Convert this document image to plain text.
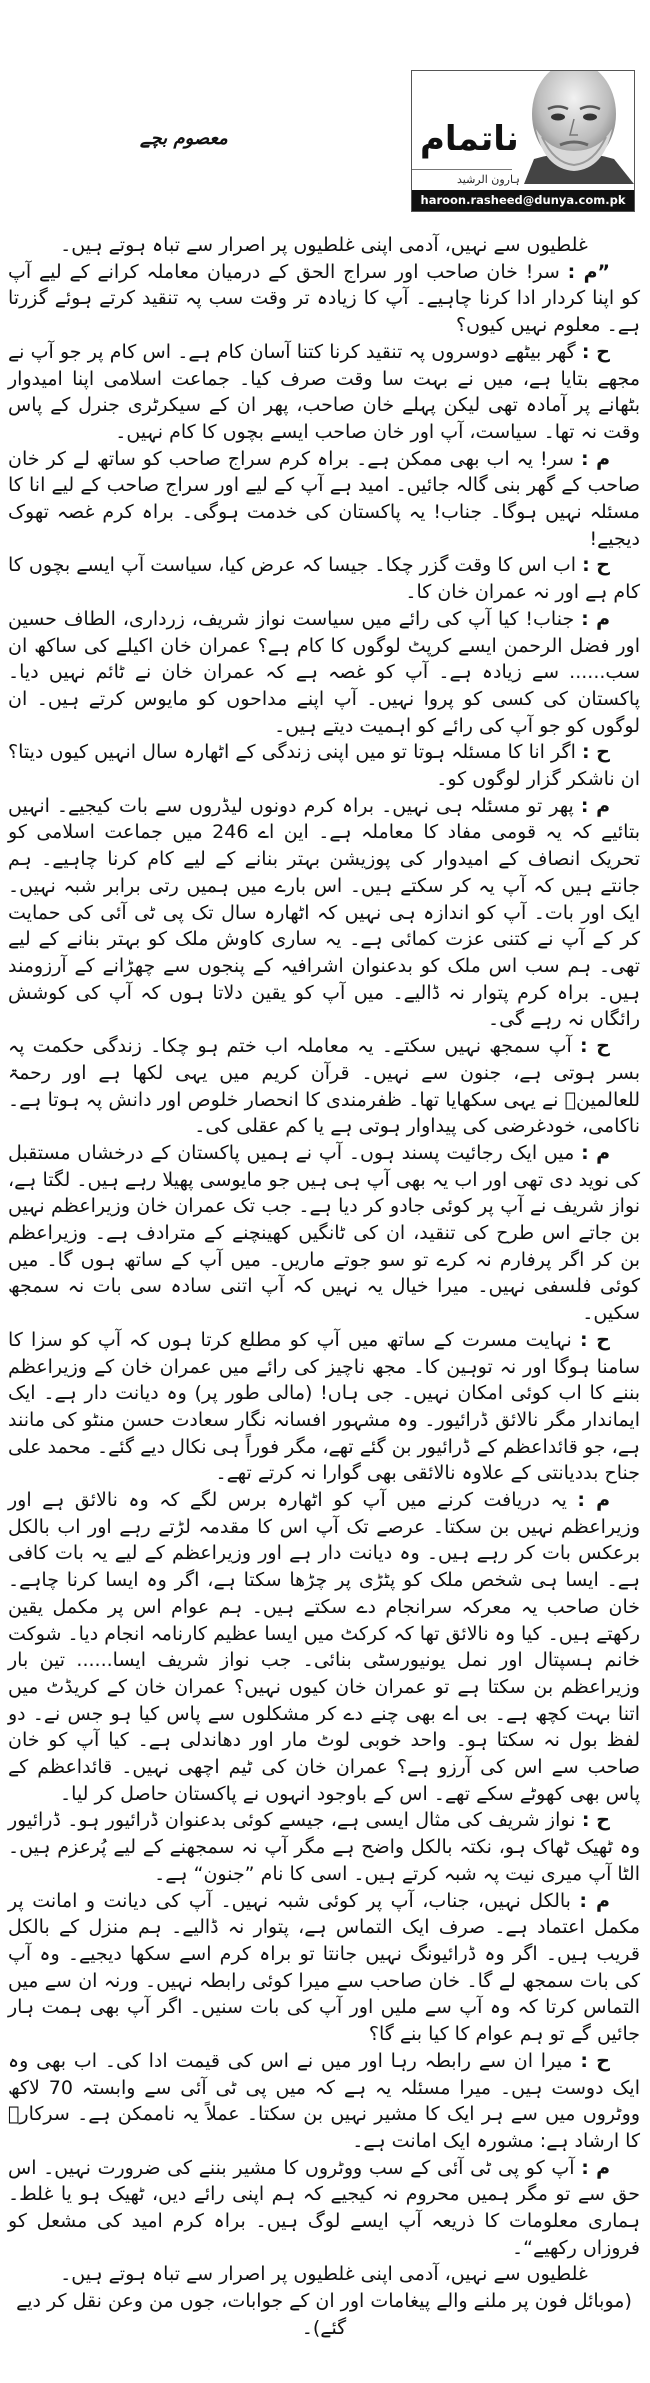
ناتمام
ہارون الرشید
haroon.rasheed@dunya.com.pk
معصوم بچے

غلطیوں سے نہیں، آدمی اپنی غلطیوں پر اصرار سے تباہ ہوتے ہیں۔

”م : سر! خان صاحب اور سراج الحق کے درمیان معاملہ کرانے کے لیے آپ کو اپنا کردار ادا کرنا چاہیے۔ آپ کا زیادہ تر وقت سب پہ تنقید کرتے ہوئے گزرتا ہے۔ معلوم نہیں کیوں؟

ح : گھر بیٹھے دوسروں پہ تنقید کرنا کتنا آسان کام ہے۔ اس کام پر جو آپ نے مجھے بتایا ہے، میں نے بہت سا وقت صرف کیا۔ جماعت اسلامی اپنا امیدوار بٹھانے پر آمادہ تھی لیکن پہلے خان صاحب، پھر ان کے سیکرٹری جنرل کے پاس وقت نہ تھا۔ سیاست، آپ اور خان صاحب ایسے بچوں کا کام نہیں۔

م : سر! یہ اب بھی ممکن ہے۔ براہ کرم سراج صاحب کو ساتھ لے کر خان صاحب کے گھر بنی گالہ جائیں۔ امید ہے آپ کے لیے اور سراج صاحب کے لیے انا کا مسئلہ نہیں ہوگا۔ جناب! یہ پاکستان کی خدمت ہوگی۔ براہ کرم غصہ تھوک دیجیے!

ح : اب اس کا وقت گزر چکا۔ جیسا کہ عرض کیا، سیاست آپ ایسے بچوں کا کام ہے اور نہ عمران خان کا۔

م : جناب! کیا آپ کی رائے میں سیاست نواز شریف، زرداری، الطاف حسین اور فضل الرحمن ایسے کرپٹ لوگوں کا کام ہے؟ عمران خان اکیلے کی ساکھ ان سب...... سے زیادہ ہے۔ آپ کو غصہ ہے کہ عمران خان نے ٹائم نہیں دیا۔ پاکستان کی کسی کو پروا نہیں۔ آپ اپنے مداحوں کو مایوس کرتے ہیں۔ ان لوگوں کو جو آپ کی رائے کو اہمیت دیتے ہیں۔

ح : اگر انا کا مسئلہ ہوتا تو میں اپنی زندگی کے اٹھارہ سال انہیں کیوں دیتا؟ ان ناشکر گزار لوگوں کو۔

م : پھر تو مسئلہ ہی نہیں۔ براہ کرم دونوں لیڈروں سے بات کیجیے۔ انہیں بتائیے کہ یہ قومی مفاد کا معاملہ ہے۔ این اے 246 میں جماعت اسلامی کو تحریک انصاف کے امیدوار کی پوزیشن بہتر بنانے کے لیے کام کرنا چاہیے۔ ہم جانتے ہیں کہ آپ یہ کر سکتے ہیں۔ اس بارے میں ہمیں رتی برابر شبہ نہیں۔ ایک اور بات۔ آپ کو اندازہ ہی نہیں کہ اٹھارہ سال تک پی ٹی آئی کی حمایت کر کے آپ نے کتنی عزت کمائی ہے۔ یہ ساری کاوش ملک کو بہتر بنانے کے لیے تھی۔ ہم سب اس ملک کو بدعنوان اشرافیہ کے پنجوں سے چھڑانے کے آرزومند ہیں۔ براہ کرم پتوار نہ ڈالیے۔ میں آپ کو یقین دلاتا ہوں کہ آپ کی کوشش رائگاں نہ رہے گی۔

ح : آپ سمجھ نہیں سکتے۔ یہ معاملہ اب ختم ہو چکا۔ زندگی حکمت پہ بسر ہوتی ہے، جنون سے نہیں۔ قرآن کریم میں یہی لکھا ہے اور رحمۃ للعالمینؐ نے یہی سکھایا تھا۔ ظفرمندی کا انحصار خلوص اور دانش پہ ہوتا ہے۔ ناکامی، خودغرضی کی پیداوار ہوتی ہے یا کم عقلی کی۔

م : میں ایک رجائیت پسند ہوں۔ آپ نے ہمیں پاکستان کے درخشاں مستقبل کی نوید دی تھی اور اب یہ بھی آپ ہی ہیں جو مایوسی پھیلا رہے ہیں۔ لگتا ہے، نواز شریف نے آپ پر کوئی جادو کر دیا ہے۔ جب تک عمران خان وزیراعظم نہیں بن جاتے اس طرح کی تنقید، ان کی ٹانگیں کھینچنے کے مترادف ہے۔ وزیراعظم بن کر اگر پرفارم نہ کرے تو سو جوتے ماریں۔ میں آپ کے ساتھ ہوں گا۔ میں کوئی فلسفی نہیں۔ میرا خیال یہ نہیں کہ آپ اتنی سادہ سی بات نہ سمجھ سکیں۔

ح : نہایت مسرت کے ساتھ میں آپ کو مطلع کرتا ہوں کہ آپ کو سزا کا سامنا ہوگا اور نہ توہین کا۔ مجھ ناچیز کی رائے میں عمران خان کے وزیراعظم بننے کا اب کوئی امکان نہیں۔ جی ہاں! (مالی طور پر) وہ دیانت دار ہے۔ ایک ایماندار مگر نالائق ڈرائیور۔ وہ مشہور افسانہ نگار سعادت حسن منٹو کی مانند ہے، جو قائداعظم کے ڈرائیور بن گئے تھے، مگر فوراً ہی نکال دیے گئے۔ محمد علی جناح بددیانتی کے علاوہ نالائقی بھی گوارا نہ کرتے تھے۔

م : یہ دریافت کرنے میں آپ کو اٹھارہ برس لگے کہ وہ نالائق ہے اور وزیراعظم نہیں بن سکتا۔ عرصے تک آپ اس کا مقدمہ لڑتے رہے اور اب بالکل برعکس بات کر رہے ہیں۔ وہ دیانت دار ہے اور وزیراعظم کے لیے یہ بات کافی ہے۔ ایسا ہی شخص ملک کو پٹڑی پر چڑھا سکتا ہے، اگر وہ ایسا کرنا چاہے۔ خان صاحب یہ معرکہ سرانجام دے سکتے ہیں۔ ہم عوام اس پر مکمل یقین رکھتے ہیں۔ کیا وہ نالائق تھا کہ کرکٹ میں ایسا عظیم کارنامہ انجام دیا۔ شوکت خانم ہسپتال اور نمل یونیورسٹی بنائی۔ جب نواز شریف ایسا...... تین بار وزیراعظم بن سکتا ہے تو عمران خان کیوں نہیں؟ عمران خان کے کریڈٹ میں اتنا بہت کچھ ہے۔ بی اے بھی چنے دے کر مشکلوں سے پاس کیا ہو جس نے۔ دو لفظ بول نہ سکتا ہو۔ واحد خوبی لوٹ مار اور دھاندلی ہے۔ کیا آپ کو خان صاحب سے اس کی آرزو ہے؟ عمران خان کی ٹیم اچھی نہیں۔ قائداعظم کے پاس بھی کھوٹے سکے تھے۔ اس کے باوجود انہوں نے پاکستان حاصل کر لیا۔

ح : نواز شریف کی مثال ایسی ہے، جیسے کوئی بدعنوان ڈرائیور ہو۔ ڈرائیور وہ ٹھیک ٹھاک ہو، نکتہ بالکل واضح ہے مگر آپ نہ سمجھنے کے لیے پُرعزم ہیں۔ الٹا آپ میری نیت پہ شبہ کرتے ہیں۔ اسی کا نام ”جنون“ ہے۔

م : بالکل نہیں، جناب، آپ پر کوئی شبہ نہیں۔ آپ کی دیانت و امانت پر مکمل اعتماد ہے۔ صرف ایک التماس ہے، پتوار نہ ڈالیے۔ ہم منزل کے بالکل قریب ہیں۔ اگر وہ ڈرائیونگ نہیں جانتا تو براہ کرم اسے سکھا دیجیے۔ وہ آپ کی بات سمجھ لے گا۔ خان صاحب سے میرا کوئی رابطہ نہیں۔ ورنہ ان سے میں التماس کرتا کہ وہ آپ سے ملیں اور آپ کی بات سنیں۔ اگر آپ بھی ہمت ہار جائیں گے تو ہم عوام کا کیا بنے گا؟

ح : میرا ان سے رابطہ رہا اور میں نے اس کی قیمت ادا کی۔ اب بھی وہ ایک دوست ہیں۔ میرا مسئلہ یہ ہے کہ میں پی ٹی آئی سے وابستہ 70 لاکھ ووٹروں میں سے ہر ایک کا مشیر نہیں بن سکتا۔ عملاً یہ ناممکن ہے۔ سرکارؐ کا ارشاد ہے: مشورہ ایک امانت ہے۔

م : آپ کو پی ٹی آئی کے سب ووٹروں کا مشیر بننے کی ضرورت نہیں۔ اس حق سے تو مگر ہمیں محروم نہ کیجیے کہ ہم اپنی رائے دیں، ٹھیک ہو یا غلط۔ ہماری معلومات کا ذریعہ آپ ایسے لوگ ہیں۔ براہ کرم امید کی مشعل کو فروزاں رکھیے“۔

غلطیوں سے نہیں، آدمی اپنی غلطیوں پر اصرار سے تباہ ہوتے ہیں۔

(موبائل فون پر ملنے والے پیغامات اور ان کے جوابات، جوں من وعن نقل کر دیے گئے)۔
